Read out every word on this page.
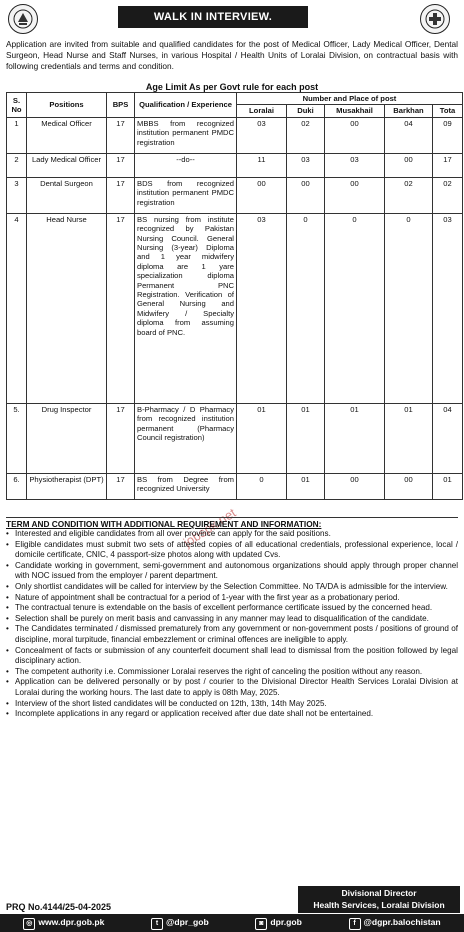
WALK IN INTERVIEW.
Application are invited from suitable and qualified candidates for the post of Medical Officer, Lady Medical Officer, Dental Surgeon, Head Nurse and Staff Nurses, in various Hospital / Health Units of Loralai Division, on contractual basis with following credentials and terms and condition.
Age Limit As per Govt rule for each post
S. No	Positions	BPS	Qualification / Experience	Number and Place of post				
				Loralai	Duki	Musakhail	Barkhan	Tota
1	Medical Officer	17	MBBS from recognized institution permanent PMDC registration	03	02	00	04	09
2	Lady Medical Officer	17	--do--	11	03	03	00	17
3	Dental Surgeon	17	BDS from recognized institution permanent PMDC registration	00	00	00	02	02
4	Head Nurse	17	BS nursing from institute recognized by Pakistan Nursing Council. General Nursing (3-year) Diploma and 1 year midwifery diploma are 1 yare specialization diploma Permanent PNC Registration. Verification of General Nursing and Midwifery / Specialty diploma from assuming board of PNC.	03	0	0	0	03
5.	Drug Inspector	17	B-Pharmacy / D Pharmacy from recognized institution permanent (Pharmacy Council registration)	01	01	01	01	04
6.	Physiotherapist (DPT)	17	BS from Degree from recognized University	0	01	00	00	01
jobspk.net
TERM AND CONDITION WITH ADDITIONAL REQUIREMENT AND INFORMATION:
• Interested and eligible candidates from all over province can apply for the said positions.
• Eligible candidates must submit two sets of attested copies of all educational credentials, professional experience, local / domicile certificate, CNIC, 4 passport-size photos along with updated Cvs.
• Candidate working in government, semi-government and autonomous organizations should apply through proper channel with NOC issued from the employer / parent department.
• Only shortlist candidates will be called for interview by the Selection Committee. No TA/DA is admissible for the interview.
• Nature of appointment shall be contractual for a period of 1-year with the first year as a probationary period.
• The contractual tenure is extendable on the basis of excellent performance certificate issued by the concerned head.
• Selection shall be purely on merit basis and canvassing in any manner may lead to disqualification of the candidate.
• The Candidates terminated / dismissed prematurely from any government or non-government posts / positions of ground of discipline, moral turpitude, financial embezzlement or criminal offences are ineligible to apply.
• Concealment of facts or submission of any counterfeit document shall lead to dismissal from the position followed by legal disciplinary action.
• The competent authority i.e. Commissioner Loralai reserves the right of canceling the position without any reason.
• Application can be delivered personally or by post / courier to the Divisional Director Health Services Loralai Division at Loralai during the working hours. The last date to apply is 08th May, 2025.
• Interview of the short listed candidates will be conducted on 12th, 13th, 14th May 2025.
• Incomplete applications in any regard or application received after due date shall not be entertained.
PRQ No.4144/25-04-2025
Divisional Director
Health Services, Loralai Division
◎ www.dpr.gob.pk	t @dpr_gob	◙ dpr.gob	f @dgpr.balochistan
